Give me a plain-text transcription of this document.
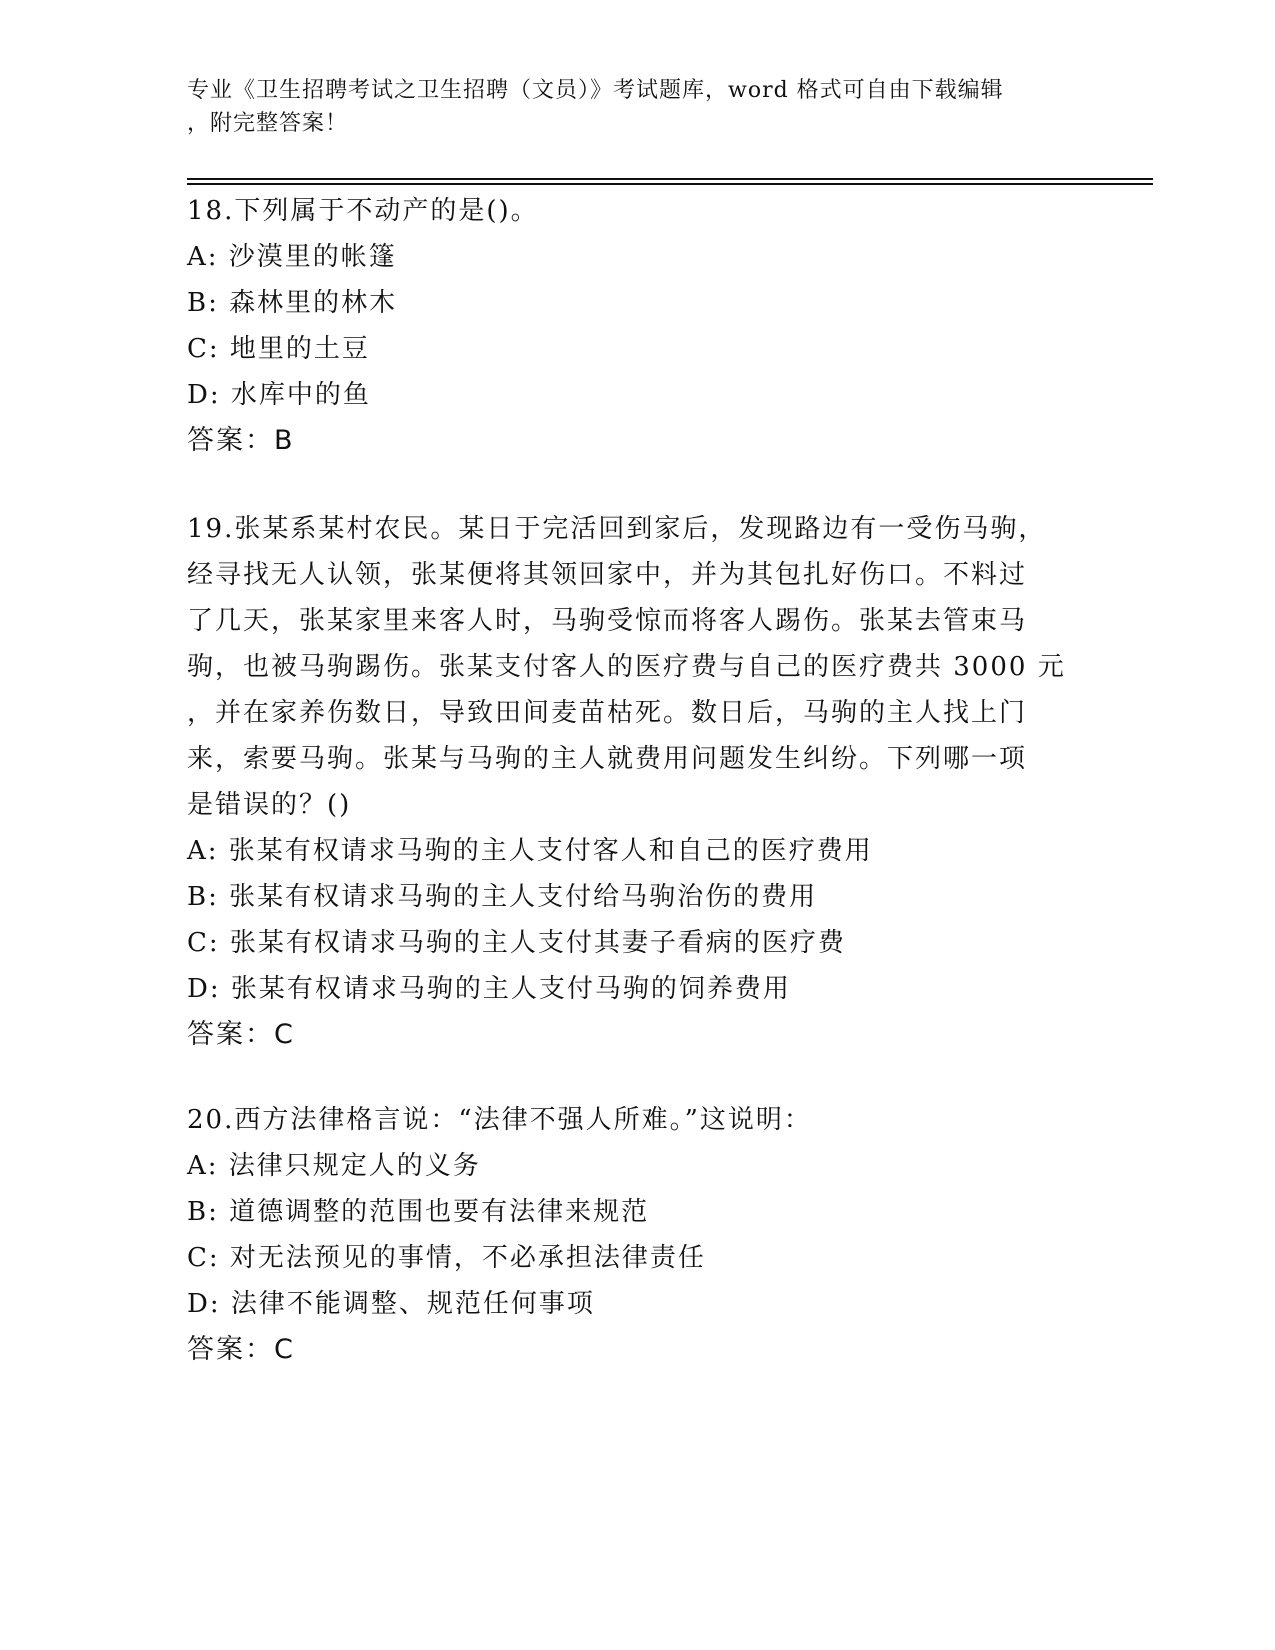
专业《卫生招聘考试之卫生招聘（文员）》考试题库，word 格式可自由下载编辑
，附完整答案！

18.下列属于不动产的是()。

A: 沙漠里的帐篷

B: 森林里的林木

C: 地里的土豆

D: 水库中的鱼

答案：B

19.张某系某村农民。某日于完活回到家后，发现路边有一受伤马驹，

经寻找无人认领，张某便将其领回家中，并为其包扎好伤口。不料过

了几天，张某家里来客人时，马驹受惊而将客人踢伤。张某去管束马

驹，也被马驹踢伤。张某支付客人的医疗费与自己的医疗费共 3000 元

，并在家养伤数日，导致田间麦苗枯死。数日后，马驹的主人找上门

来，索要马驹。张某与马驹的主人就费用问题发生纠纷。下列哪一项

是错误的？()

A: 张某有权请求马驹的主人支付客人和自己的医疗费用

B: 张某有权请求马驹的主人支付给马驹治伤的费用

C: 张某有权请求马驹的主人支付其妻子看病的医疗费

D: 张某有权请求马驹的主人支付马驹的饲养费用

答案：C

20.西方法律格言说：“法律不强人所难。”这说明：

A: 法律只规定人的义务

B: 道德调整的范围也要有法律来规范

C: 对无法预见的事情，不必承担法律责任

D: 法律不能调整、规范任何事项

答案：C
